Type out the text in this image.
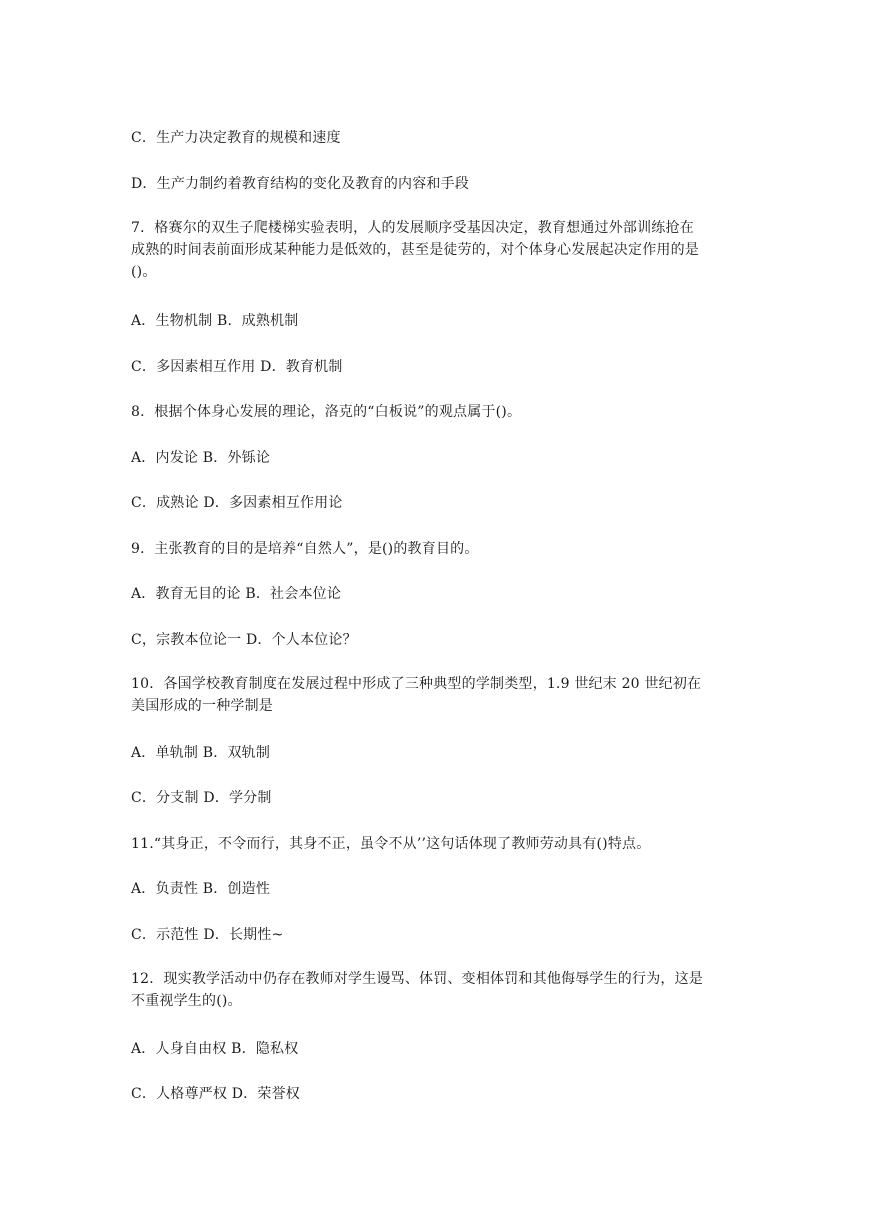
C．生产力决定教育的规模和速度
D．生产力制约着教育结构的变化及教育的内容和手段
7．格赛尔的双生子爬楼梯实验表明，人的发展顺序受基因决定，教育想通过外部训练抢在
成熟的时间表前面形成某种能力是低效的，甚至是徒劳的，对个体身心发展起决定作用的是
()。
A．生物机制 B．成熟机制
C．多因素相互作用 D．教育机制
8．根据个体身心发展的理论，洛克的“白板说”的观点属于()。
A．内发论 B．外铄论
C．成熟论 D．多因素相互作用论
9．主张教育的目的是培养“自然人”，是()的教育目的。
A．教育无目的论 B．社会本位论
C，宗教本位论一 D．个人本位论？
10．各国学校教育制度在发展过程中形成了三种典型的学制类型，1.9 世纪末 20 世纪初在
美国形成的一种学制是
A．单轨制 B．双轨制
C．分支制 D．学分制
11.“其身正，不令而行，其身不正，虽令不从’’这句话体现了教师劳动具有()特点。
A．负责性 B．创造性
C．示范性 D．长期性~
12．现实教学活动中仍存在教师对学生谩骂、体罚、变相体罚和其他侮辱学生的行为，这是
不重视学生的()。
A．人身自由权 B．隐私权
C．人格尊严权 D．荣誉权
